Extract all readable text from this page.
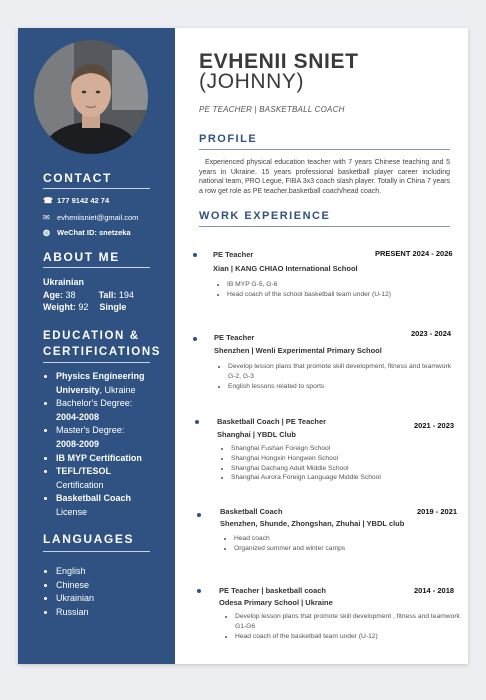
CONTACT
☎ 177 9142 42 74
✉ evheniisniet@gmail.com
◍ WeChat ID: snetzeka
ABOUT ME
Ukrainian
Age: 38	Tall: 194
Weight: 92 Single
EDUCATION &
CERTIFICATIONS
• Physics Engineering University, Ukraine
• Bachelor's Degree:
2004-2008
• Master's Degree:
2008-2009
• IB MYP Certification
• TEFL/TESOL
Certification
• Basketball Coach
License
LANGUAGES
• English
• Chinese
• Ukrainian
• Russian
EVHENII SNIET
(JOHNNY)
PE TEACHER | BASKETBALL COACH
PROFILE
Experienced physical education teacher with 7 years Chinese teaching and 5 years in Ukraine. 15 years professional basketball player career including national team, PRO Legue, FIBA 3x3 coach slash player. Totally in China 7 years a row get role as PE teacher,basketball coach/head coach.
WORK EXPERIENCE
PE Teacher	PRESENT 2024 - 2026
Xian | KANG CHIAO International School
• IB MYP G-5, G-6
• Head coach of the school basketball team under (U-12)
PE Teacher	2023 - 2024
Shenzhen | Wenli Experimental Primary School
• Develop lesson plans that promote skill development, fitness and teamwork G-2, G-3
• English lessons related to sports
Basketball Coach | PE Teacher	2021 - 2023
Shanghai | YBDL Club
• Shanghai Fushan Foreign School
• Shanghai Hongxin Hongwen School
• Shanghai Dachang Adult Middle School
• Shanghai Aurora Foreign Language Middle School
Basketball Coach	2019 - 2021
Shenzhen, Shunde, Zhongshan, Zhuhai | YBDL club
• Head coach
• Organized summer and winter camps
PE Teacher | basketball coach	2014 - 2018
Odesa Primary School | Ukraine
• Develop lesson plans that promote skill development , fitness and teamwork G1-G6
• Head coach of the basketball team under (U-12)
